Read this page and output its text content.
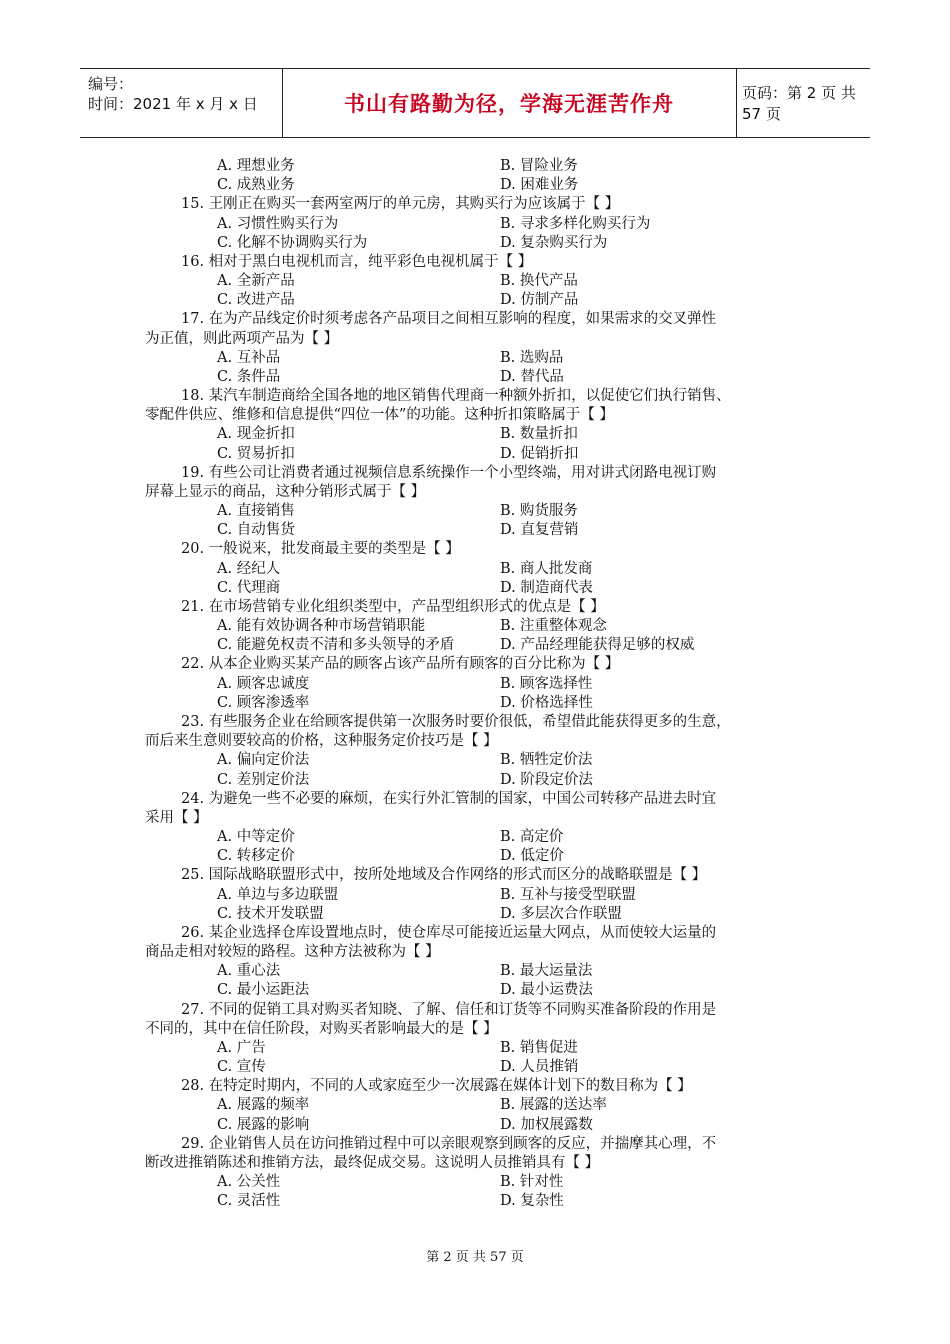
编号：
时间：2021 年 x 月 x 日	书山有路勤为径，学海无涯苦作舟	页码：第 2 页 共 57 页
A. 理想业务	B. 冒险业务
C. 成熟业务	D. 困难业务
15. 王刚正在购买一套两室两厅的单元房，其购买行为应该属于【 】
A. 习惯性购买行为	B. 寻求多样化购买行为
C. 化解不协调购买行为	D. 复杂购买行为
16. 相对于黑白电视机而言，纯平彩色电视机属于【 】
A. 全新产品	B. 换代产品
C. 改进产品	D. 仿制产品
17. 在为产品线定价时须考虑各产品项目之间相互影响的程度，如果需求的交叉弹性
为正值，则此两项产品为【 】
A. 互补品	B. 选购品
C. 条件品	D. 替代品
18. 某汽车制造商给全国各地的地区销售代理商一种额外折扣，以促使它们执行销售、
零配件供应、维修和信息提供“四位一体”的功能。这种折扣策略属于【 】
A. 现金折扣	B. 数量折扣
C. 贸易折扣	D. 促销折扣
19. 有些公司让消费者通过视频信息系统操作一个小型终端，用对讲式闭路电视订购
屏幕上显示的商品，这种分销形式属于【 】
A. 直接销售	B. 购货服务
C. 自动售货	D. 直复营销
20. 一般说来，批发商最主要的类型是【 】
A. 经纪人	B. 商人批发商
C. 代理商	D. 制造商代表
21. 在市场营销专业化组织类型中，产品型组织形式的优点是【 】
A. 能有效协调各种市场营销职能	B. 注重整体观念
C. 能避免权责不清和多头领导的矛盾	D. 产品经理能获得足够的权威
22. 从本企业购买某产品的顾客占该产品所有顾客的百分比称为【 】
A. 顾客忠诚度	B. 顾客选择性
C. 顾客渗透率	D. 价格选择性
23. 有些服务企业在给顾客提供第一次服务时要价很低，希望借此能获得更多的生意，
而后来生意则要较高的价格，这种服务定价技巧是【 】
A. 偏向定价法	B. 牺牲定价法
C. 差别定价法	D. 阶段定价法
24. 为避免一些不必要的麻烦，在实行外汇管制的国家，中国公司转移产品进去时宜
采用【 】
A. 中等定价	B. 高定价
C. 转移定价	D. 低定价
25. 国际战略联盟形式中，按所处地域及合作网络的形式而区分的战略联盟是【 】
A. 单边与多边联盟	B. 互补与接受型联盟
C. 技术开发联盟	D. 多层次合作联盟
26. 某企业选择仓库设置地点时，使仓库尽可能接近运量大网点，从而使较大运量的
商品走相对较短的路程。这种方法被称为【 】
A. 重心法	B. 最大运量法
C. 最小运距法	D. 最小运费法
27. 不同的促销工具对购买者知晓、了解、信任和订货等不同购买准备阶段的作用是
不同的，其中在信任阶段，对购买者影响最大的是【 】
A. 广告	B. 销售促进
C. 宣传	D. 人员推销
28. 在特定时期内，不同的人或家庭至少一次展露在媒体计划下的数目称为【 】
A. 展露的频率	B. 展露的送达率
C. 展露的影响	D. 加权展露数
29. 企业销售人员在访问推销过程中可以亲眼观察到顾客的反应，并揣摩其心理，不
断改进推销陈述和推销方法，最终促成交易。这说明人员推销具有【 】
A. 公关性	B. 针对性
C. 灵活性	D. 复杂性
第 2 页 共 57 页
